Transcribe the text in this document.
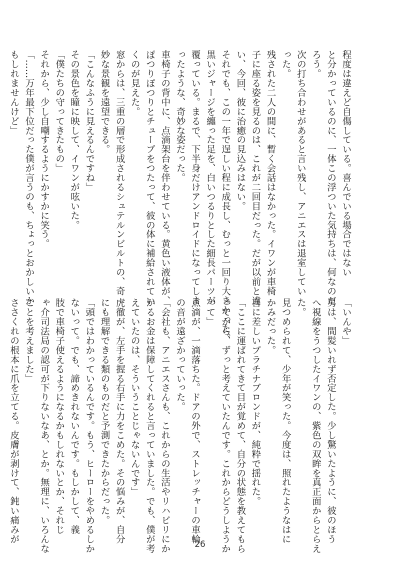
程度は違えど自傷している。喜んでいる場合ではない
と分かっているのに、一体この浮ついた気持ちは、何なのだ
ろう。
次の打ち合わせがあると言い残し、アニエスは退室してい
った。
残された二人の間に、暫く会話はなかった。イワンが車椅
子に座る姿を見るのは、これが二回目だった。だが以前と違
い、今回、彼に治癒の見込みはない。
それでも、この一年で逞しい程に成長し、むっと一回り大きかった。
黒いジャージを纏った足を、白いつるりとした細長パーツが
覆っている。まるで、下半身だけアンドロイドになってしま
ったような、奇妙な姿だった。
車椅子の背中に、点滴架台を伴わせている。黄色い液体が、
ぽつりぽつりとチューブをつたって、彼の体に補給されてい
くのが見えた。
窓からは、三重の層で形成されるシュテルンビルトの、奇
妙な景観を遠望できる。
「こんなふうに見えるんですね」
その景色を瞳に映して、イワンが呟いた。
「僕たちの守ってきたもの」
それから、少し自嘲するようにかすかに笑う。
「……万年最下位だった僕が言うのも、ちょっとおかしいか
もしれませんけど」
「いんや」
男は、間髪いれず否定した。少し驚いたように、彼のほう
へ視線をうつしたイワンの、紫色の双眸を真正面からとらえ
た。
見つめられて、少年が笑った。今度は、照れたようなはに
かみだった。
自に差しいプラチナブロンドが、純粋で揺れた。
「ここに運ばれてきて目が覚めて、自分の状態を教えてもら
ってから、ずっと考えていたんです。これからどうしようか
って」
点滴が、一滴落ちた。ドアの外で、ストレッチャーの車輪
の音が遠ざかっていった。
「会社も、アニエスさんも、これからの生活やリハビリにか
かるお金は保障してくれると言っていました。でも、僕が考
えていたのは、そういうことじゃないんです」
虎徹が、左手を握る右手に力をこめた。その悩みが、自分
にも理解できる類のものだと予測できたからだった。
「頭ではわかっているんです。もう、ヒーローをやめるしか
ないって。でも、諦めきれないんです。もしかして、義
肢で車椅子使えるようになるかもしれないとか、それじ
ゃ介司法局の認可が下りないなあ、とか。無理に、いろんな
ことを考えました」
ささくれの根本に爪を立てる。皮膚が剥けて、鈍い痛みが
26
